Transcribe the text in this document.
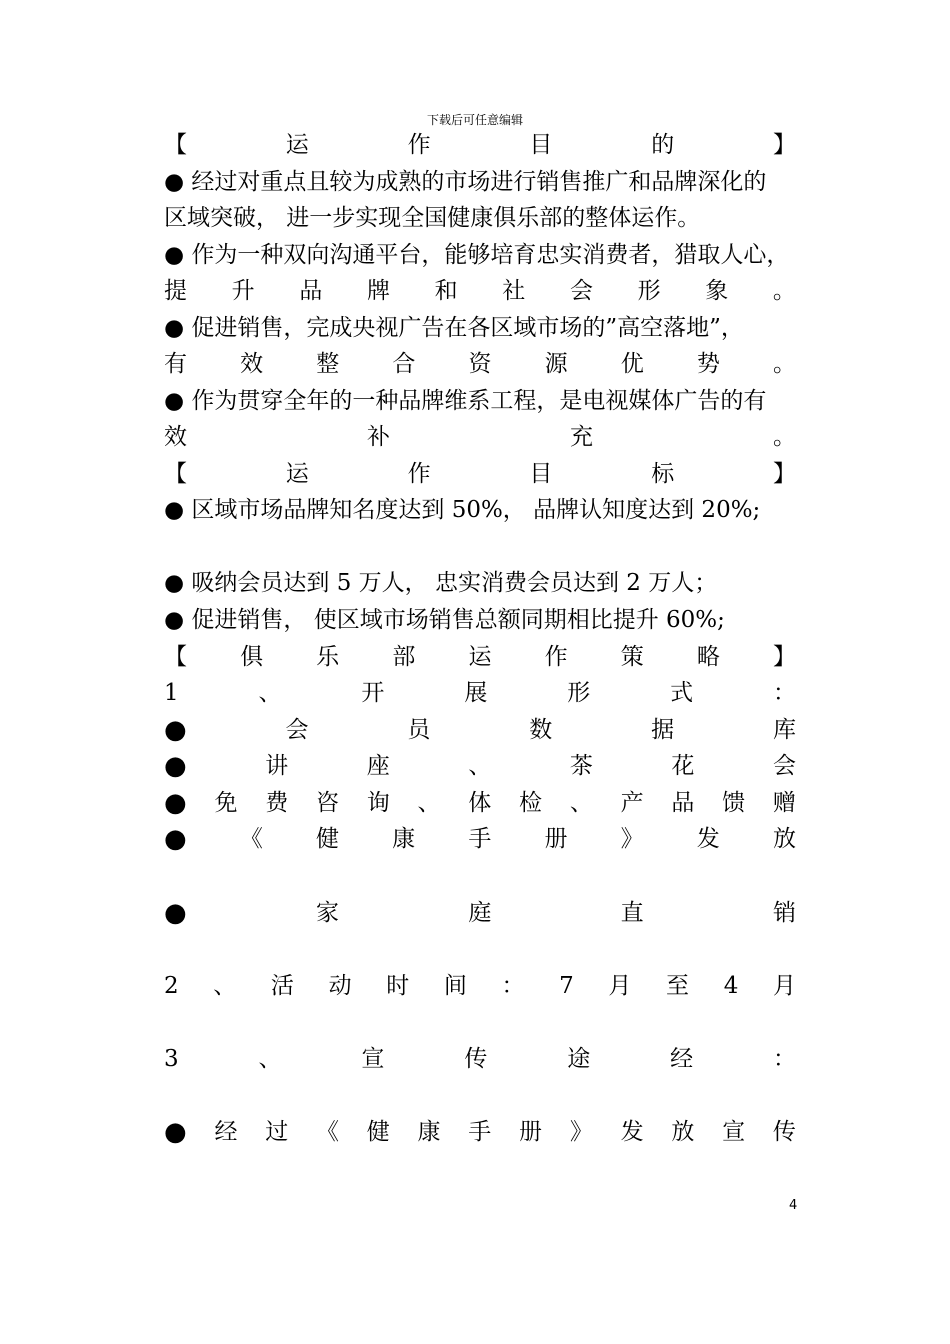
下载后可任意编辑
【	运	作	目	的	】
● 经过对重点且较为成熟的市场进行销售推广和品牌深化的
区域突破， 进一步实现全国健康俱乐部的整体运作。
● 作为一种双向沟通平台，能够培育忠实消费者，猎取人心，
提 升 品 牌 和 社 会 形 象 。
● 促进销售，完成央视广告在各区域市场的”高空落地”，
有 效 整 合 资 源 优 势 。
● 作为贯穿全年的一种品牌维系工程，是电视媒体广告的有
效	补	充	。
【	运	作	目	标	】
● 区域市场品牌知名度达到 50%， 品牌认知度达到 20%;
● 吸纳会员达到 5 万人， 忠实消费会员达到 2 万人；
● 促进销售， 使区域市场销售总额同期相比提升 60%;
【 俱 乐 部 运 作 策 略 】
1	、	开	展	形	式	：
●	会	员	数	据	库
●	讲	座	、	茶	花	会
● 免 费 咨 询 、 体 检 、 产 品 馈 赠
● 《 健 康 手 册 》 发 放
●	家	庭	直	销
2 、 活 动 时 间 ： 7 月 至 4 月
3	、	宣	传	途	经	：
● 经 过 《 健 康 手 册 》 发 放 宣 传
4
